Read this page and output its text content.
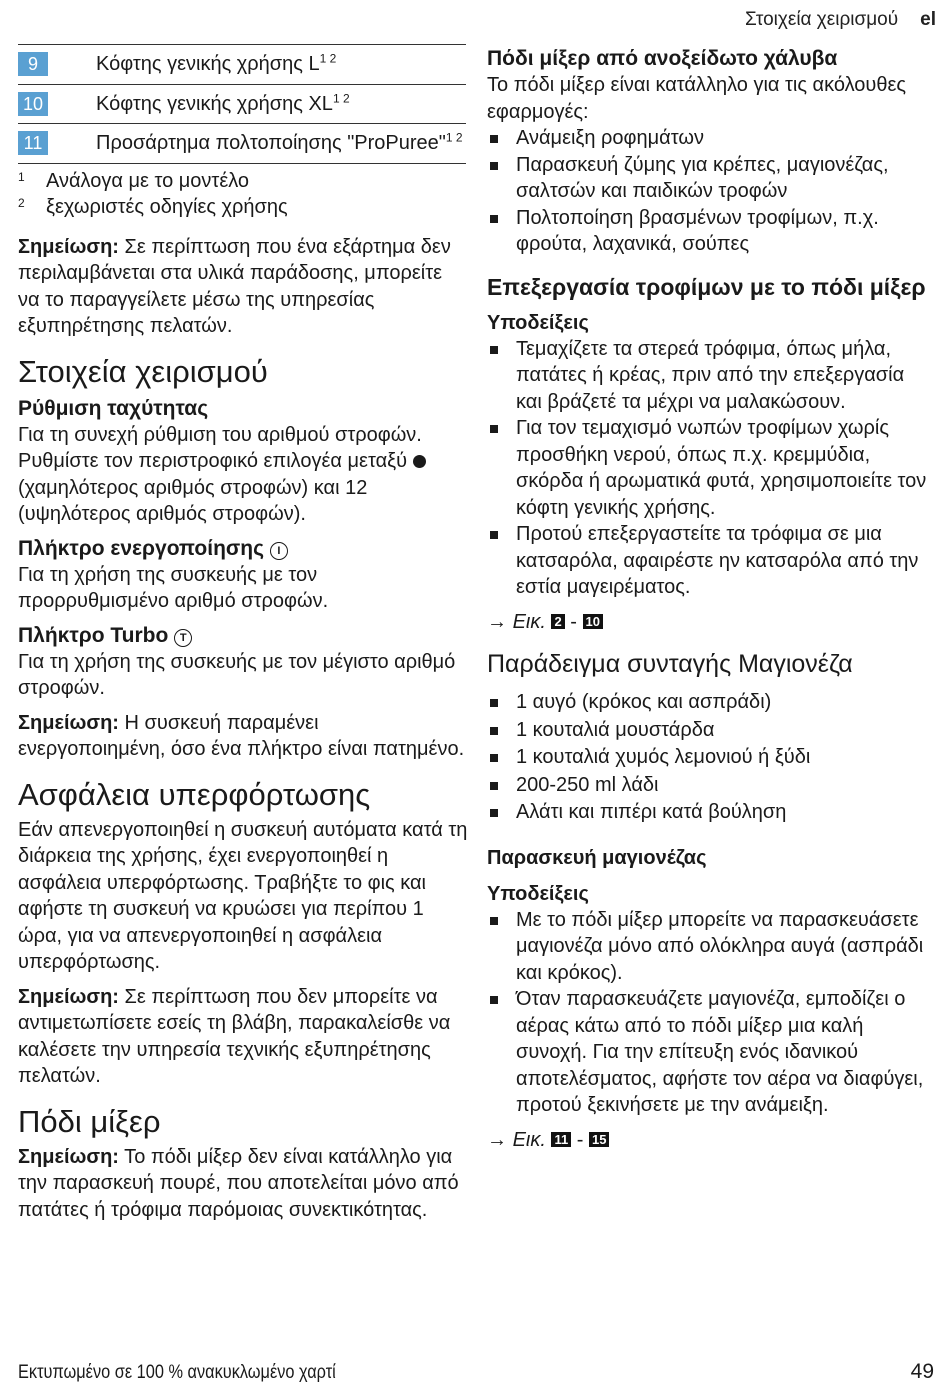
Στοιχεία χειρισμού el
9	Κόφτης γενικής χρήσης $L^{1 2}$
10	Κόφτης γενικής χρήσης $XL^{1 2}$
11	Προσάρτημα πολτοποίησης "ProPuree"$^{1 2}$
1 Ανάλογα με το μοντέλο
2 ξεχωριστές οδηγίες χρήσης

Σημείωση: Σε περίπτωση που ένα εξάρτημα δεν περιλαμβάνεται στα υλικά παράδοσης, μπορείτε να το παραγγείλετε μέσω της υπηρεσίας εξυπηρέτησης πελατών.

Στοιχεία χειρισμού
Ρύθμιση ταχύτητας

Για τη συνεχή ρύθμιση του αριθμού στροφών. Ρυθμίστε τον περιστροφικό επιλογέα μεταξύ  (χαμηλότερος αριθμός στροφών) και 12 (υψηλότερος αριθμός στροφών).

Πλήκτρο ενεργοποίησης I

Για τη χρήση της συσκευής με τον προρρυθμισμένο αριθμό στροφών.

Πλήκτρο Turbo T

Για τη χρήση της συσκευής με τον μέγιστο αριθμό στροφών.

Σημείωση: Η συσκευή παραμένει ενεργοποιημένη, όσο ένα πλήκτρο είναι πατημένο.

Ασφάλεια υπερφόρτωσης

Εάν απενεργοποιηθεί η συσκευή αυτόματα κατά τη διάρκεια της χρήσης, έχει ενεργοποιηθεί η ασφάλεια υπερφόρτωσης. Τραβήξτε το φις και αφήστε τη συσκευή να κρυώσει για περίπου 1 ώρα, για να απενεργοποιηθεί η ασφάλεια υπερφόρτωσης.

Σημείωση: Σε περίπτωση που δεν μπορείτε να αντιμετωπίσετε εσείς τη βλάβη, παρακαλείσθε να καλέσετε την υπηρεσία τεχνικής εξυπηρέτησης πελατών.

Πόδι μίξερ

Σημείωση: Το πόδι μίξερ δεν είναι κατάλληλο για την παρασκευή πουρέ, που αποτελείται μόνο από πατάτες ή τρόφιμα παρόμοιας συνεκτικότητας.

Πόδι μίξερ από ανοξείδωτο χάλυβα

Το πόδι μίξερ είναι κατάλληλο για τις ακόλουθες εφαρμογές:

Ανάμειξη ροφημάτων
Παρασκευή ζύμης για κρέπες, μαγιονέζας, σαλτσών και παιδικών τροφών
Πολτοποίηση βρασμένων τροφίμων, π.χ. φρούτα, λαχανικά, σούπες
Επεξεργασία τροφίμων με το πόδι μίξερ
Υποδείξεις
Τεμαχίζετε τα στερεά τρόφιμα, όπως μήλα, πατάτες ή κρέας, πριν από την επεξεργασία και βράζετέ τα μέχρι να μαλακώσουν.
Για τον τεμαχισμό νωπών τροφίμων χωρίς προσθήκη νερού, όπως π.χ. κρεμμύδια, σκόρδα ή αρωματικά φυτά, χρησιμοποιείτε τον κόφτη γενικής χρήσης.
Προτού επεξεργαστείτε τα τρόφιμα σε μια κατσαρόλα, αφαιρέστε ην κατσαρόλα από την εστία μαγειρέματος.
→ Εικ. 2 - 10
Παράδειγμα συνταγής Μαγιονέζα
1 αυγό (κρόκος και ασπράδι)
1 κουταλιά μουστάρδα
1 κουταλιά χυμός λεμονιού ή ξύδι
200-250 ml λάδι
Αλάτι και πιπέρι κατά βούληση
Παρασκευή μαγιονέζας
Υποδείξεις
Με το πόδι μίξερ μπορείτε να παρασκευάσετε μαγιονέζα μόνο από ολόκληρα αυγά (ασπράδι και κρόκος).
Όταν παρασκευάζετε μαγιονέζα, εμποδίζει ο αέρας κάτω από το πόδι μίξερ μια καλή συνοχή. Για την επίτευξη ενός ιδανικού αποτελέσματος, αφήστε τον αέρα να διαφύγει, προτού ξεκινήσετε με την ανάμειξη.
→ Εικ. 11 - 15
Εκτυπωμένο σε 100 % ανακυκλωμένο χαρτί	49
